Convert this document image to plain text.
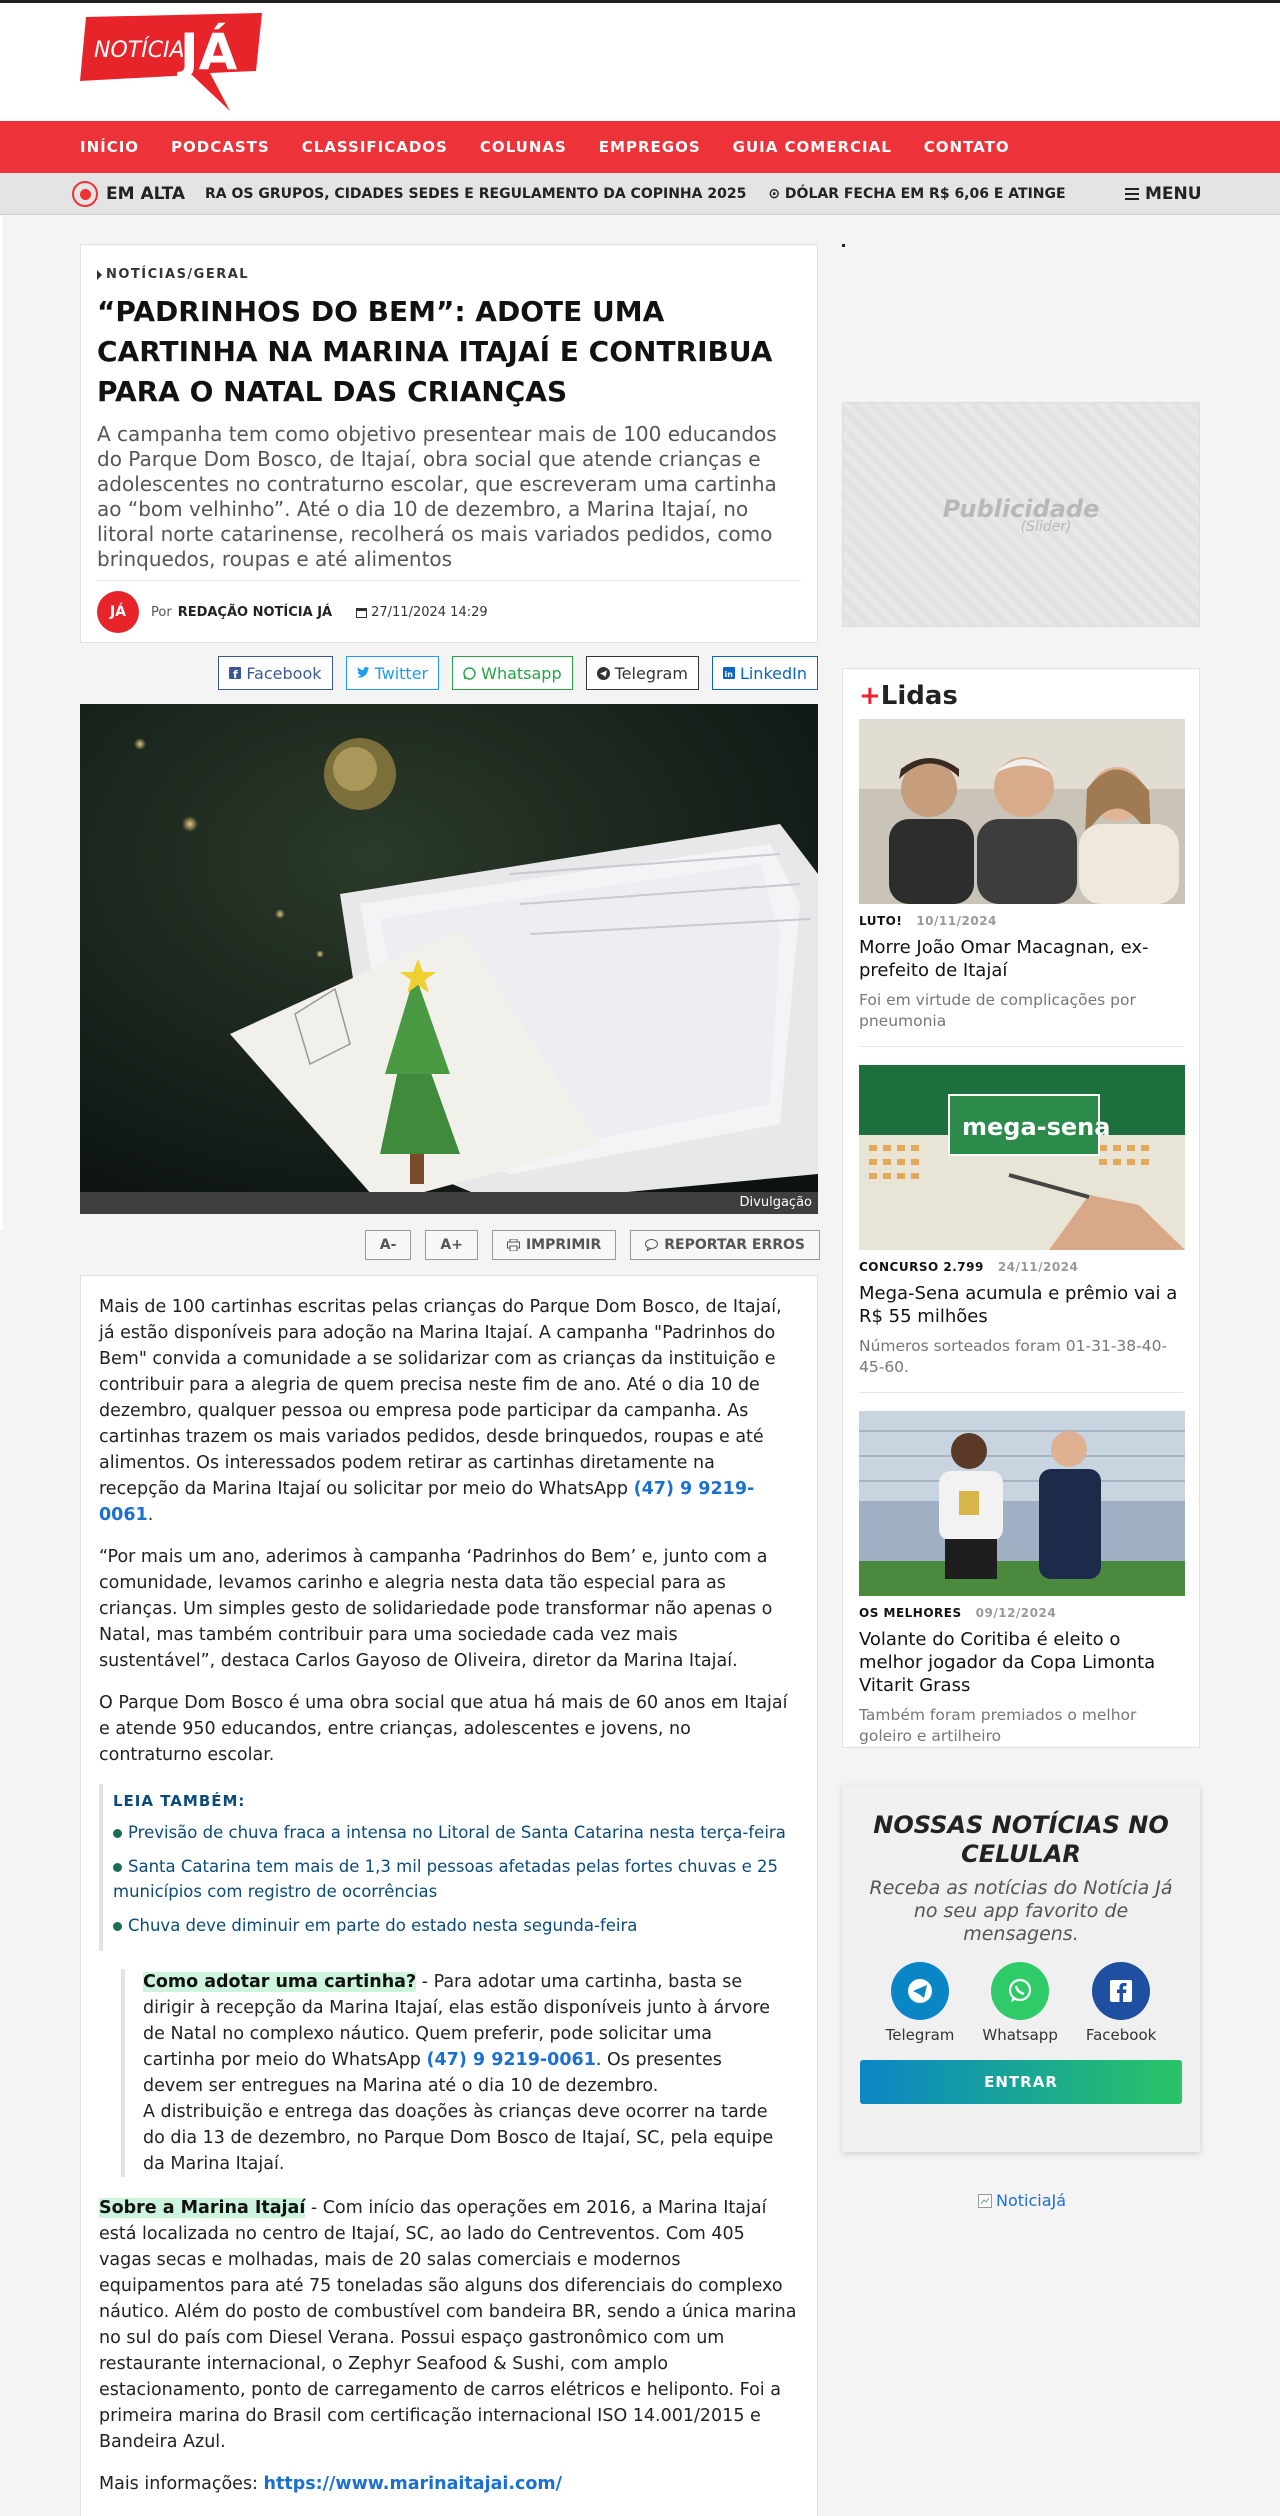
NOTÍCIA
JÁ
INÍCIO PODCASTS CLASSIFICADOS COLUNAS EMPREGOS GUIA COMERCIAL CONTATO
EM ALTA RA OS GRUPOS, CIDADES SEDES E REGULAMENTO DA COPINHA 2025 ⊙ DÓLAR FECHA EM R$ 6,06 E ATINGE	MENU
NOTÍCIAS/GERAL
“PADRINHOS DO BEM”: ADOTE UMA CARTINHA NA MARINA ITAJAÍ E CONTRIBUA PARA O NATAL DAS CRIANÇAS

A campanha tem como objetivo presentear mais de 100 educandos do Parque Dom Bosco, de Itajaí, obra social que atende crianças e adolescentes no contraturno escolar, que escreveram uma cartinha ao “bom velhinho”. Até o dia 10 de dezembro, a Marina Itajaí, no litoral norte catarinense, recolherá os mais variados pedidos, como brinquedos, roupas e até alimentos

JÁ	Por REDAÇÃO NOTÍCIA JÁ	27/11/2024 14:29
f Facebook	Twitter	Whatsapp	Telegram	in LinkedIn
Divulgação
A-	A+	IMPRIMIR	REPORTAR ERROS

Mais de 100 cartinhas escritas pelas crianças do Parque Dom Bosco, de Itajaí, já estão disponíveis para adoção na Marina Itajaí. A campanha "Padrinhos do Bem" convida a comunidade a se solidarizar com as crianças da instituição e contribuir para a alegria de quem precisa neste fim de ano. Até o dia 10 de dezembro, qualquer pessoa ou empresa pode participar da campanha. As cartinhas trazem os mais variados pedidos, desde brinquedos, roupas e até alimentos. Os interessados podem retirar as cartinhas diretamente na recepção da Marina Itajaí ou solicitar por meio do WhatsApp (47) 9 9219-0061.

“Por mais um ano, aderimos à campanha ‘Padrinhos do Bem’ e, junto com a comunidade, levamos carinho e alegria nesta data tão especial para as crianças. Um simples gesto de solidariedade pode transformar não apenas o Natal, mas também contribuir para uma sociedade cada vez mais sustentável”, destaca Carlos Gayoso de Oliveira, diretor da Marina Itajaí.

O Parque Dom Bosco é uma obra social que atua há mais de 60 anos em Itajaí e atende 950 educandos, entre crianças, adolescentes e jovens, no contraturno escolar.

LEIA TAMBÉM:
Previsão de chuva fraca a intensa no Litoral de Santa Catarina nesta terça-feira
Santa Catarina tem mais de 1,3 mil pessoas afetadas pelas fortes chuvas e 25 municípios com registro de ocorrências
Chuva deve diminuir em parte do estado nesta segunda-feira

Como adotar uma cartinha? - Para adotar uma cartinha, basta se dirigir à recepção da Marina Itajaí, elas estão disponíveis junto à árvore de Natal no complexo náutico. Quem preferir, pode solicitar uma cartinha por meio do WhatsApp (47) 9 9219-0061. Os presentes devem ser entregues na Marina até o dia 10 de dezembro.

A distribuição e entrega das doações às crianças deve ocorrer na tarde do dia 13 de dezembro, no Parque Dom Bosco de Itajaí, SC, pela equipe da Marina Itajaí.

Sobre a Marina Itajaí - Com início das operações em 2016, a Marina Itajaí está localizada no centro de Itajaí, SC, ao lado do Centreventos. Com 405 vagas secas e molhadas, mais de 20 salas comerciais e modernos equipamentos para até 75 toneladas são alguns dos diferenciais do complexo náutico. Além do posto de combustível com bandeira BR, sendo a única marina no sul do país com Diesel Verana. Possui espaço gastronômico com um restaurante internacional, o Zephyr Seafood & Sushi, com amplo estacionamento, ponto de carregamento de carros elétricos e heliponto. Foi a primeira marina do Brasil com certificação internacional ISO 14.001/2015 e Bandeira Azul.

Mais informações: https://www.marinaitajai.com/

Publicidade
(Slider)
+Lidas
LUTO! 10/11/2024
Morre João Omar Macagnan, ex-prefeito de Itajaí
Foi em virtude de complicações por pneumonia
mega-sena
CONCURSO 2.799 24/11/2024
Mega-Sena acumula e prêmio vai a R$ 55 milhões
Números sorteados foram 01-31-38-40-45-60.
OS MELHORES 09/12/2024
Volante do Coritiba é eleito o melhor jogador da Copa Limonta Vitarit Grass
Também foram premiados o melhor goleiro e artilheiro
NOSSAS NOTÍCIAS NO CELULAR
Receba as notícias do Notícia Já no seu app favorito de mensagens.
Telegram Whatsapp Facebook
ENTRAR
NoticiaJá
